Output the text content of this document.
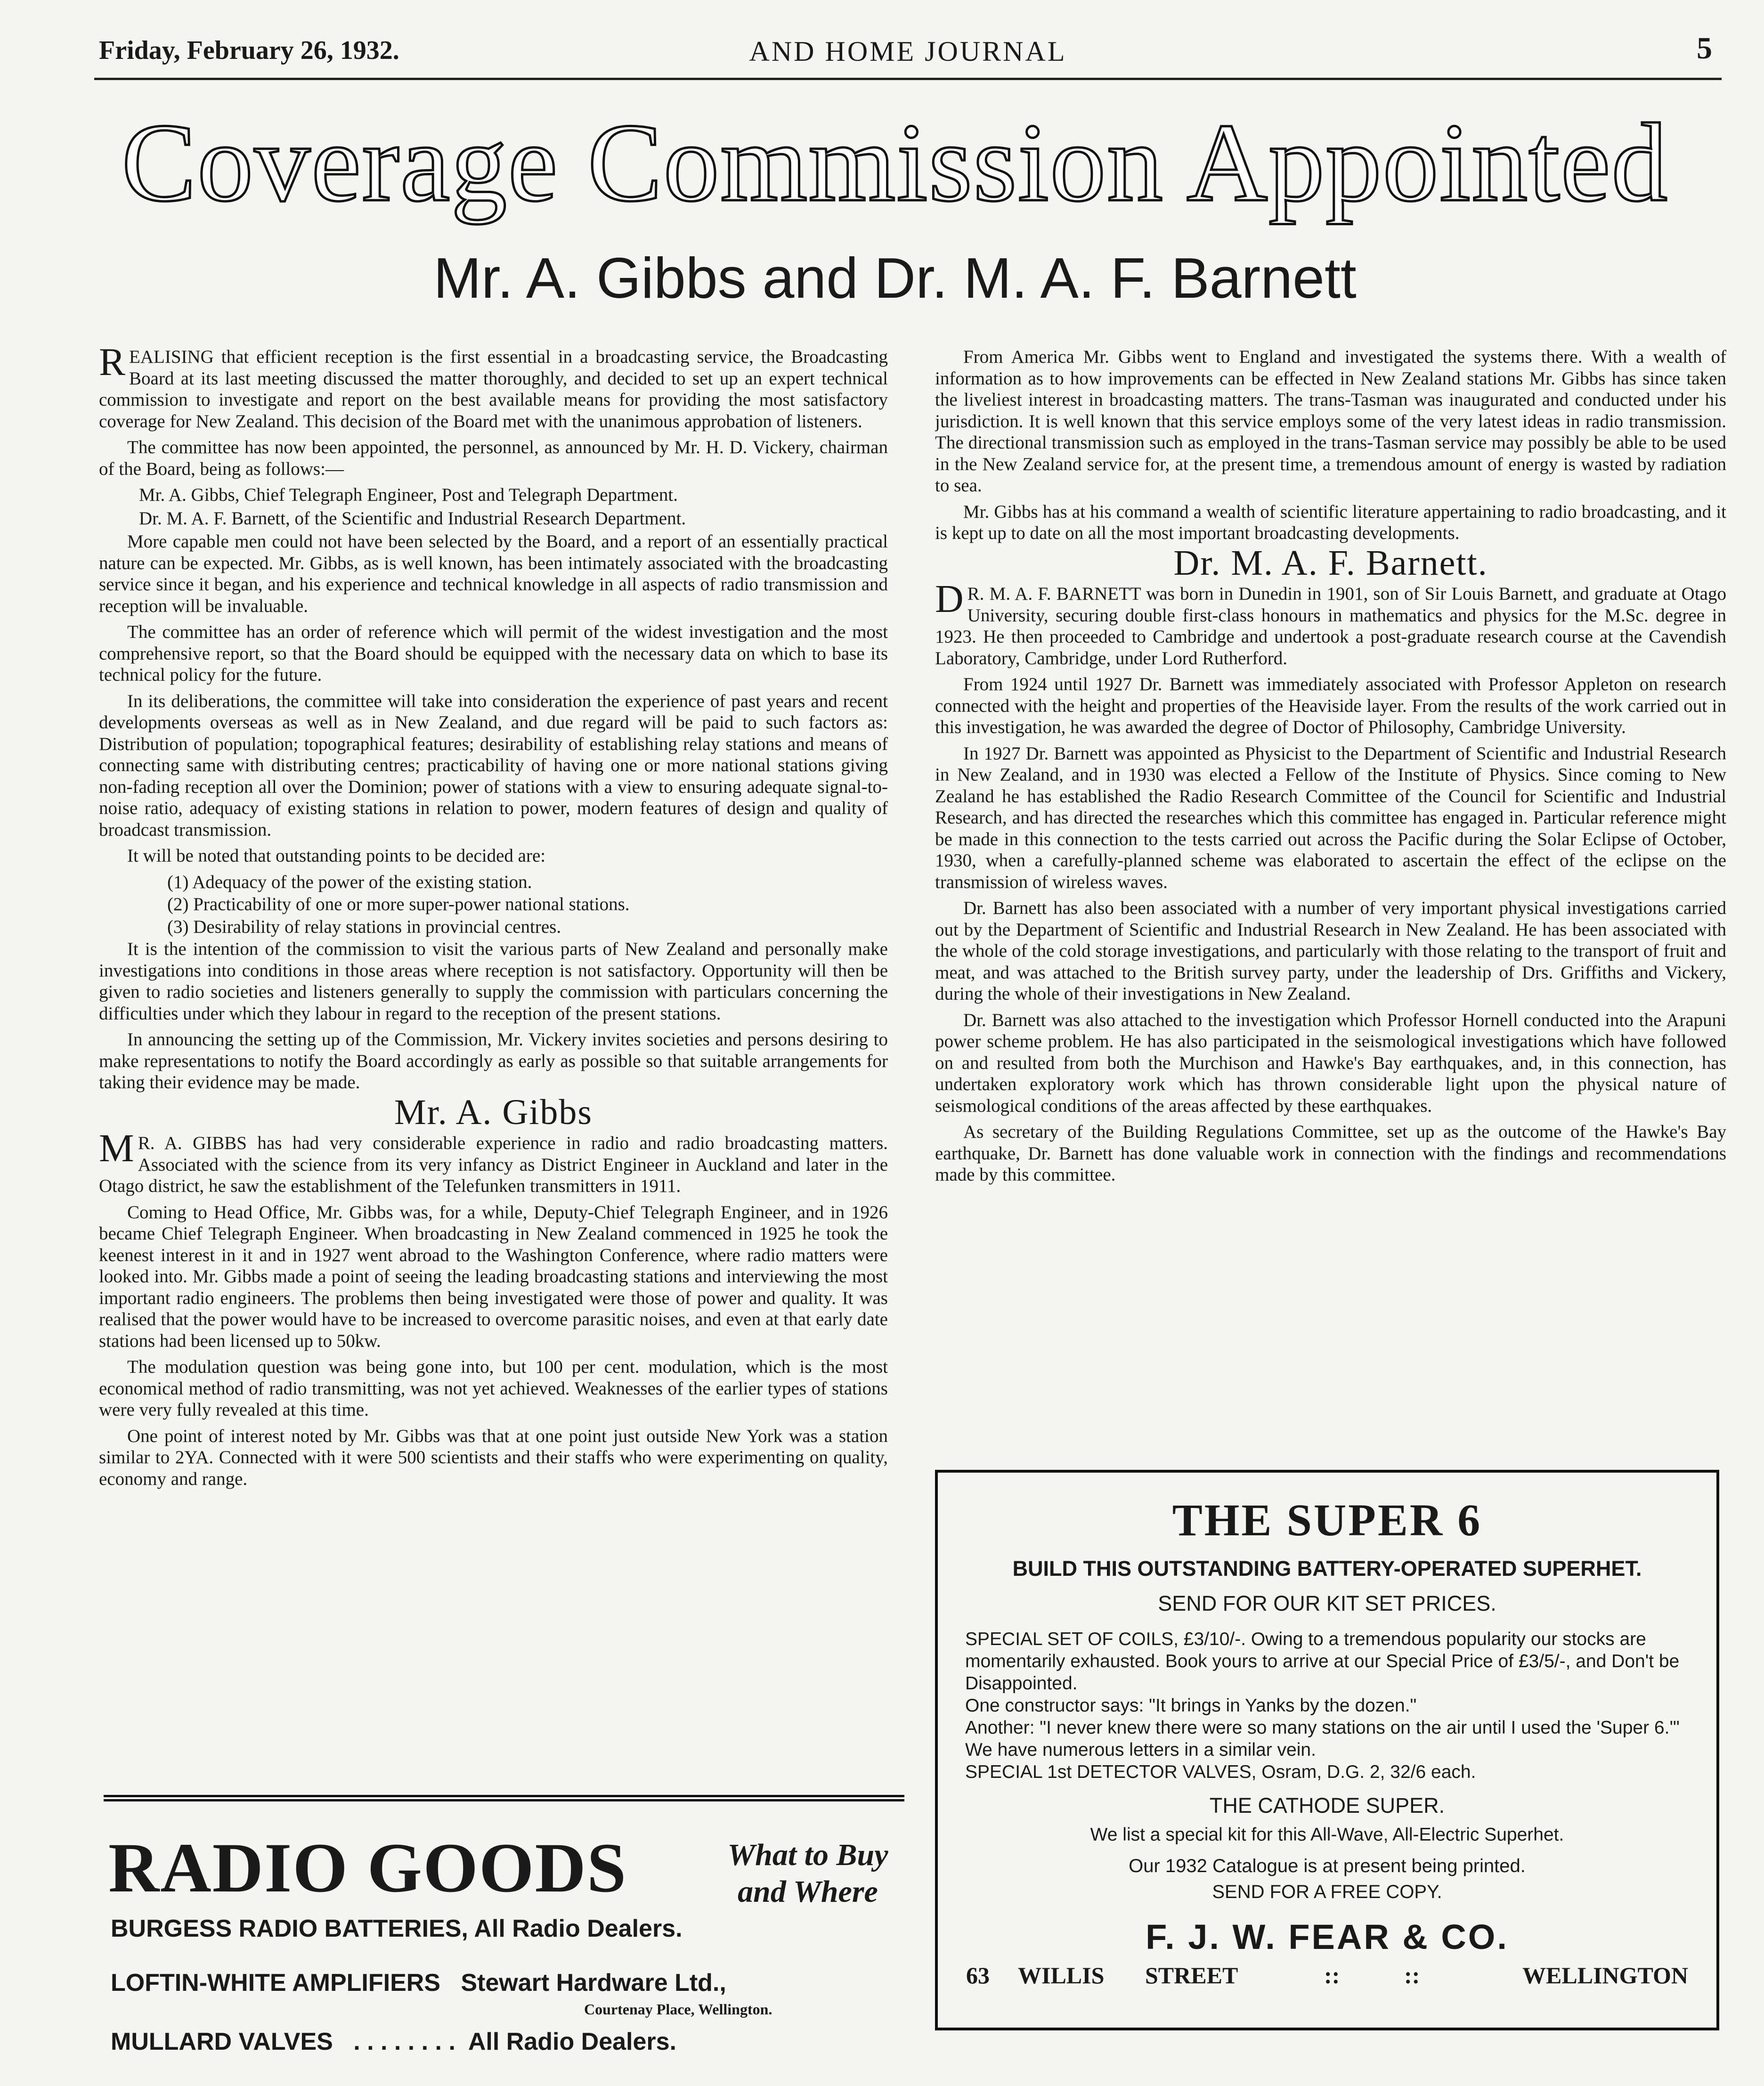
Friday, February 26, 1932.	AND HOME JOURNAL	5
Coverage Commission Appointed
Mr. A. Gibbs and Dr. M. A. F. Barnett

REALISING that efficient reception is the first essential in a broadcasting service, the Broadcasting Board at its last meeting discussed the matter thoroughly, and decided to set up an expert technical commission to investigate and report on the best available means for providing the most satisfactory coverage for New Zealand. This decision of the Board met with the unanimous approbation of listeners.

The committee has now been appointed, the personnel, as announced by Mr. H. D. Vickery, chairman of the Board, being as follows:—

Mr. A. Gibbs, Chief Telegraph Engineer, Post and Telegraph Department.

Dr. M. A. F. Barnett, of the Scientific and Industrial Research Department.

More capable men could not have been selected by the Board, and a report of an essentially practical nature can be expected. Mr. Gibbs, as is well known, has been intimately associated with the broadcasting service since it began, and his experience and technical knowledge in all aspects of radio transmission and reception will be invaluable.

The committee has an order of reference which will permit of the widest investigation and the most comprehensive report, so that the Board should be equipped with the necessary data on which to base its technical policy for the future.

In its deliberations, the committee will take into consideration the experience of past years and recent developments overseas as well as in New Zealand, and due regard will be paid to such factors as: Distribution of population; topographical features; desirability of establishing relay stations and means of connecting same with distributing centres; practicability of having one or more national stations giving non-fading reception all over the Dominion; power of stations with a view to ensuring adequate signal-to-noise ratio, adequacy of existing stations in relation to power, modern features of design and quality of broadcast transmission.

It will be noted that outstanding points to be decided are:

(1) Adequacy of the power of the existing station.

(2) Practicability of one or more super-power national stations.

(3) Desirability of relay stations in provincial centres.

It is the intention of the commission to visit the various parts of New Zealand and personally make investigations into conditions in those areas where reception is not satisfactory. Opportunity will then be given to radio societies and listeners generally to supply the commission with particulars concerning the difficulties under which they labour in regard to the reception of the present stations.

In announcing the setting up of the Commission, Mr. Vickery invites societies and persons desiring to make representations to notify the Board accordingly as early as possible so that suitable arrangements for taking their evidence may be made.

Mr. A. Gibbs

M R. A. GIBBS has had very considerable experience in radio and radio broadcasting matters. Associated with the science from its very infancy as District Engineer in Auckland and later in the Otago district, he saw the establishment of the Telefunken transmitters in 1911.

Coming to Head Office, Mr. Gibbs was, for a while, Deputy-Chief Telegraph Engineer, and in 1926 became Chief Telegraph Engineer. When broadcasting in New Zealand commenced in 1925 he took the keenest interest in it and in 1927 went abroad to the Washington Conference, where radio matters were looked into. Mr. Gibbs made a point of seeing the leading broadcasting stations and interviewing the most important radio engineers. The problems then being investigated were those of power and quality. It was realised that the power would have to be increased to overcome parasitic noises, and even at that early date stations had been licensed up to 50kw.

The modulation question was being gone into, but 100 per cent. modulation, which is the most economical method of radio transmitting, was not yet achieved. Weaknesses of the earlier types of stations were very fully revealed at this time.

One point of interest noted by Mr. Gibbs was that at one point just outside New York was a station similar to 2YA. Connected with it were 500 scientists and their staffs who were experimenting on quality, economy and range.

From America Mr. Gibbs went to England and investigated the systems there. With a wealth of information as to how improvements can be effected in New Zealand stations Mr. Gibbs has since taken the liveliest interest in broadcasting matters. The trans-Tasman was inaugurated and conducted under his jurisdiction. It is well known that this service employs some of the very latest ideas in radio transmission. The directional transmission such as employed in the trans-Tasman service may possibly be able to be used in the New Zealand service for, at the present time, a tremendous amount of energy is wasted by radiation to sea.

Mr. Gibbs has at his command a wealth of scientific literature appertaining to radio broadcasting, and it is kept up to date on all the most important broadcasting developments.

Dr. M. A. F. Barnett.

D R. M. A. F. BARNETT was born in Dunedin in 1901, son of Sir Louis Barnett, and graduate at Otago University, securing double first-class honours in mathematics and physics for the M.Sc. degree in 1923. He then proceeded to Cambridge and undertook a post-graduate research course at the Cavendish Laboratory, Cambridge, under Lord Rutherford.

From 1924 until 1927 Dr. Barnett was immediately associated with Professor Appleton on research connected with the height and properties of the Heaviside layer. From the results of the work carried out in this investigation, he was awarded the degree of Doctor of Philosophy, Cambridge University.

In 1927 Dr. Barnett was appointed as Physicist to the Department of Scientific and Industrial Research in New Zealand, and in 1930 was elected a Fellow of the Institute of Physics. Since coming to New Zealand he has established the Radio Research Committee of the Council for Scientific and Industrial Research, and has directed the researches which this committee has engaged in. Particular reference might be made in this connection to the tests carried out across the Pacific during the Solar Eclipse of October, 1930, when a carefully-planned scheme was elaborated to ascertain the effect of the eclipse on the transmission of wireless waves.

Dr. Barnett has also been associated with a number of very important physical investigations carried out by the Department of Scientific and Industrial Research in New Zealand. He has been associated with the whole of the cold storage investigations, and particularly with those relating to the transport of fruit and meat, and was attached to the British survey party, under the leadership of Drs. Griffiths and Vickery, during the whole of their investigations in New Zealand.

Dr. Barnett was also attached to the investigation which Professor Hornell conducted into the Arapuni power scheme problem. He has also participated in the seismological investigations which have followed on and resulted from both the Murchison and Hawke's Bay earthquakes, and, in this connection, has undertaken exploratory work which has thrown considerable light upon the physical nature of seismological conditions of the areas affected by these earthquakes.

As secretary of the Building Regulations Committee, set up as the outcome of the Hawke's Bay earthquake, Dr. Barnett has done valuable work in connection with the findings and recommendations made by this committee.

RADIO GOODS	What to Buy
and Where
BURGESS RADIO BATTERIES, All Radio Dealers.
LOFTIN-WHITE AMPLIFIERS Stewart Hardware Ltd.,
Courtenay Place, Wellington.
MULLARD VALVES . . . . . . . . All Radio Dealers.
THE SUPER 6
BUILD THIS OUTSTANDING BATTERY-OPERATED SUPERHET.
SEND FOR OUR KIT SET PRICES.
SPECIAL SET OF COILS, £3/10/-. Owing to a tremendous popularity our stocks are momentarily exhausted. Book yours to arrive at our Special Price of £3/5/-, and Don't be Disappointed.
One constructor says: "It brings in Yanks by the dozen."
Another: "I never knew there were so many stations on the air until I used the 'Super 6.'"
We have numerous letters in a similar vein.
SPECIAL 1st DETECTOR VALVES, Osram, D.G. 2, 32/6 each.
THE CATHODE SUPER.
We list a special kit for this All-Wave, All-Electric Superhet.
Our 1932 Catalogue is at present being printed.
SEND FOR A FREE COPY.
F. J. W. FEAR & CO.
63 WILLIS STREET	::	::	WELLINGTON
